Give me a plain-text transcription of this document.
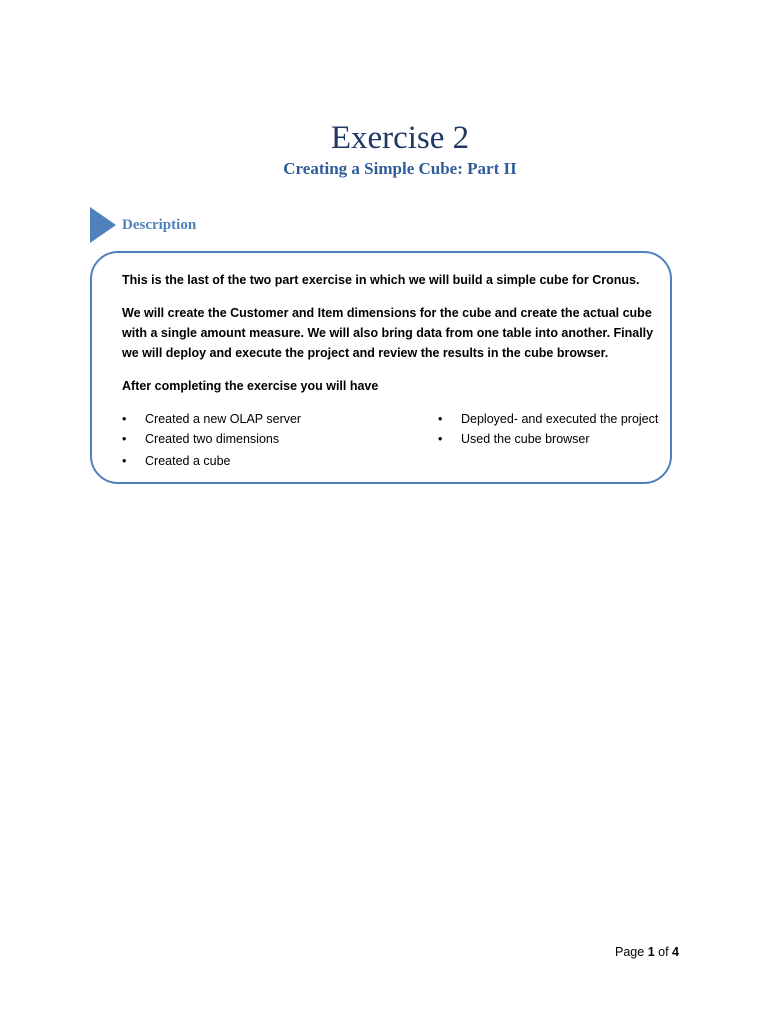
Exercise 2
Creating a Simple Cube: Part II
Description
This is the last of the two part exercise in which we will build a simple cube for Cronus.
We will create the Customer and Item dimensions for the cube and create the actual cube with a single amount measure. We will also bring data from one table into another. Finally we will deploy and execute the project and review the results in the cube browser.
After completing the exercise you will have
• Created a new OLAP server
• Created two dimensions
• Created a cube
• Deployed- and executed the project
• Used the cube browser
Page 1 of 4
